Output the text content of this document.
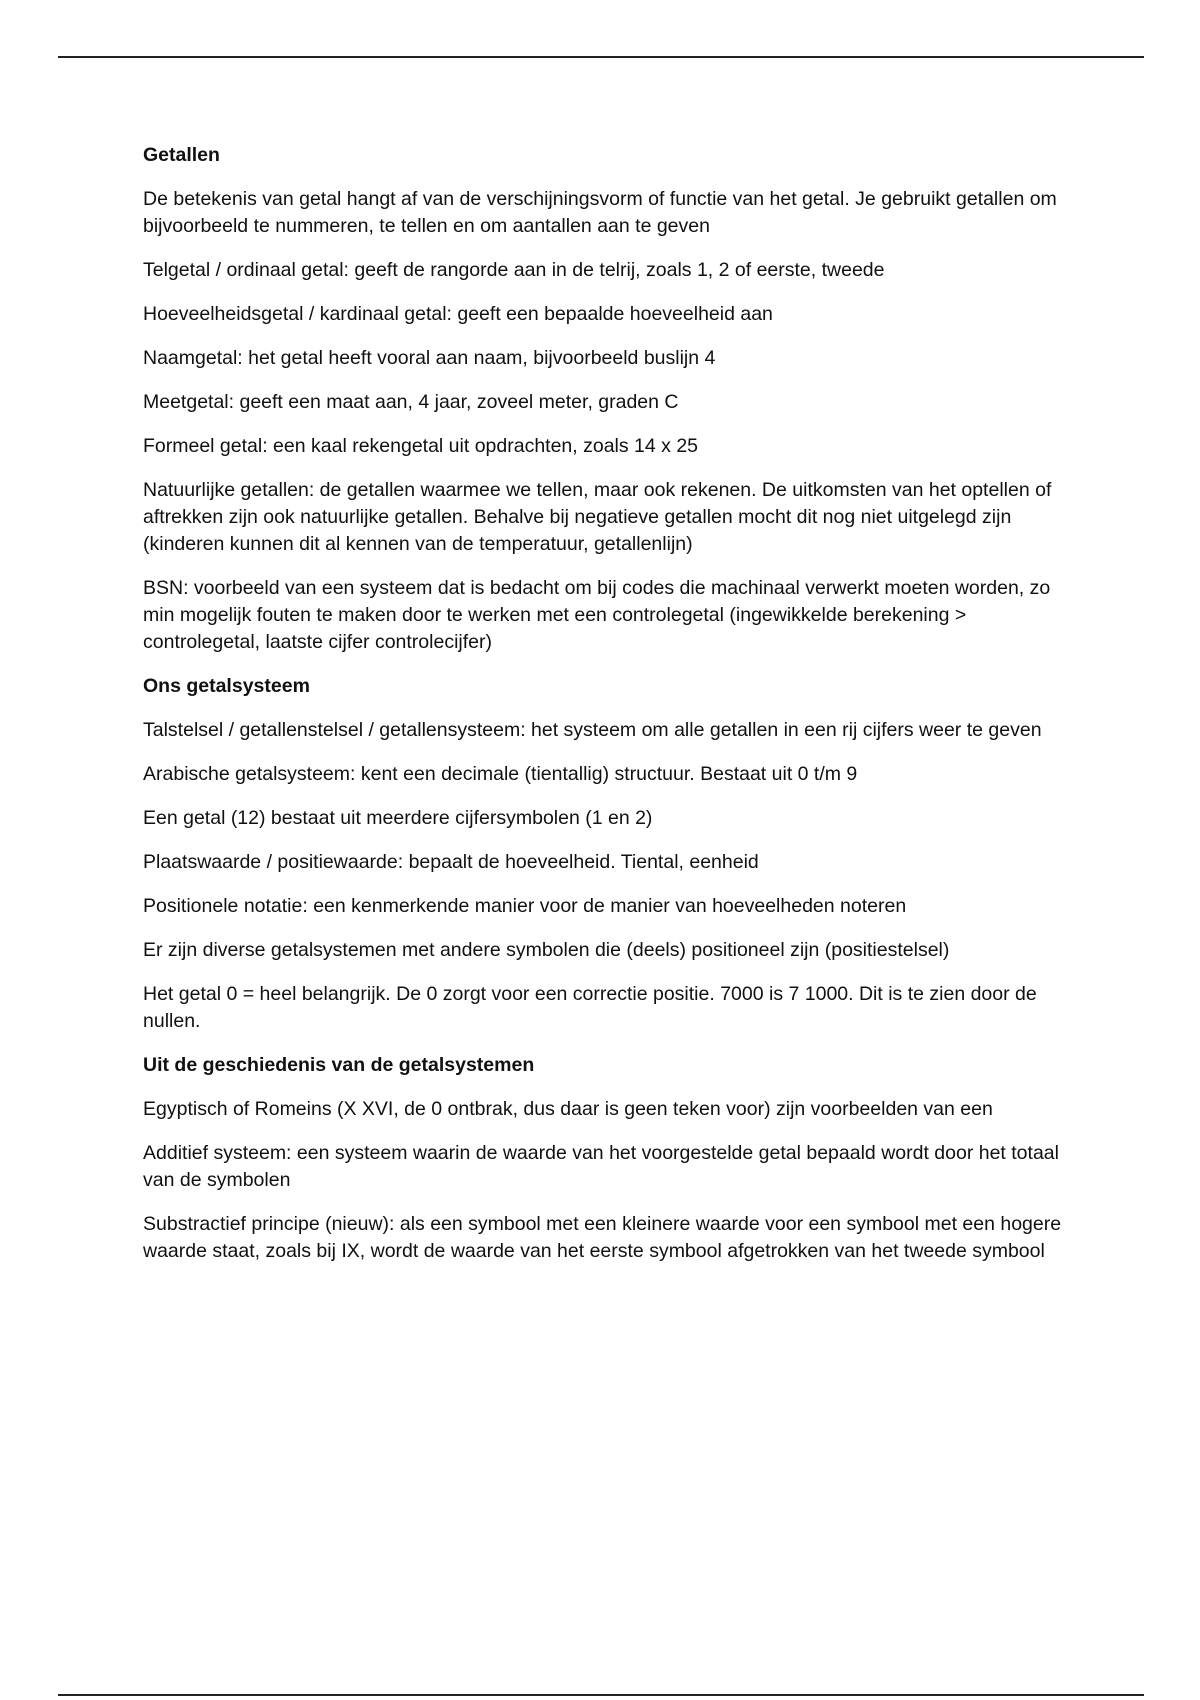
Getallen
De betekenis van getal hangt af van de verschijningsvorm of functie van het getal. Je gebruikt getallen om bijvoorbeeld te nummeren, te tellen en om aantallen aan te geven
Telgetal / ordinaal getal: geeft de rangorde aan in de telrij, zoals 1, 2 of eerste, tweede
Hoeveelheidsgetal / kardinaal getal: geeft een bepaalde hoeveelheid aan
Naamgetal: het getal heeft vooral aan naam, bijvoorbeeld buslijn 4
Meetgetal: geeft een maat aan, 4 jaar, zoveel meter, graden C
Formeel getal: een kaal rekengetal uit opdrachten, zoals 14 x 25
Natuurlijke getallen: de getallen waarmee we tellen, maar ook rekenen. De uitkomsten van het optellen of aftrekken zijn ook natuurlijke getallen. Behalve bij negatieve getallen mocht dit nog niet uitgelegd zijn (kinderen kunnen dit al kennen van de temperatuur, getallenlijn)
BSN: voorbeeld van een systeem dat is bedacht om bij codes die machinaal verwerkt moeten worden, zo min mogelijk fouten te maken door te werken met een controlegetal (ingewikkelde berekening > controlegetal, laatste cijfer controlecijfer)
Ons getalsysteem
Talstelsel / getallenstelsel / getallensysteem: het systeem om alle getallen in een rij cijfers weer te geven
Arabische getalsysteem: kent een decimale (tientallig) structuur. Bestaat uit 0 t/m 9
Een getal (12) bestaat uit meerdere cijfersymbolen (1 en 2)
Plaatswaarde / positiewaarde: bepaalt de hoeveelheid. Tiental, eenheid
Positionele notatie: een kenmerkende manier voor de manier van hoeveelheden noteren
Er zijn diverse getalsystemen met andere symbolen die (deels) positioneel zijn (positiestelsel)
Het getal 0 = heel belangrijk. De 0 zorgt voor een correctie positie. 7000 is 7 1000. Dit is te zien door de nullen.
Uit de geschiedenis van de getalsystemen
Egyptisch of Romeins (X XVI, de 0 ontbrak, dus daar is geen teken voor) zijn voorbeelden van een
Additief systeem: een systeem waarin de waarde van het voorgestelde getal bepaald wordt door het totaal van de symbolen
Substractief principe (nieuw): als een symbool met een kleinere waarde voor een symbool met een hogere waarde staat, zoals bij IX, wordt de waarde van het eerste symbool afgetrokken van het tweede symbool
